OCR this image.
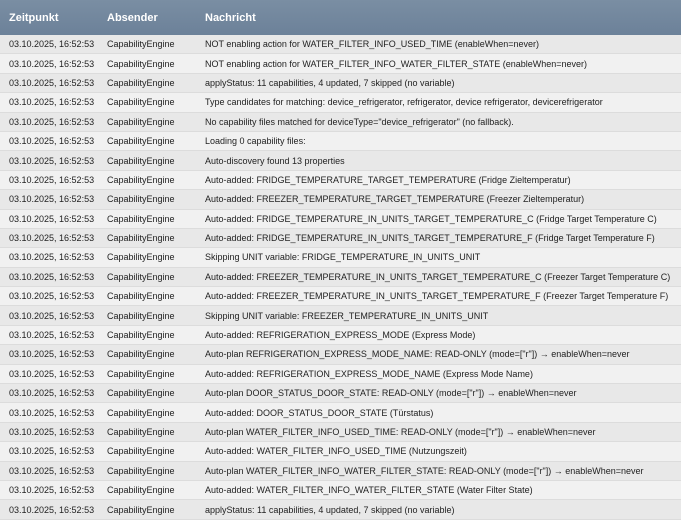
Zeitpunkt	Absender	Nachricht
03.10.2025, 16:52:53	CapabilityEngine	NOT enabling action for WATER_FILTER_INFO_USED_TIME (enableWhen=never)
03.10.2025, 16:52:53	CapabilityEngine	NOT enabling action for WATER_FILTER_INFO_WATER_FILTER_STATE (enableWhen=never)
03.10.2025, 16:52:53	CapabilityEngine	applyStatus: 11 capabilities, 4 updated, 7 skipped (no variable)
03.10.2025, 16:52:53	CapabilityEngine	Type candidates for matching: device_refrigerator, refrigerator, device refrigerator, devicerefrigerator
03.10.2025, 16:52:53	CapabilityEngine	No capability files matched for deviceType="device_refrigerator" (no fallback).
03.10.2025, 16:52:53	CapabilityEngine	Loading 0 capability files:
03.10.2025, 16:52:53	CapabilityEngine	Auto-discovery found 13 properties
03.10.2025, 16:52:53	CapabilityEngine	Auto-added: FRIDGE_TEMPERATURE_TARGET_TEMPERATURE (Fridge Zieltemperatur)
03.10.2025, 16:52:53	CapabilityEngine	Auto-added: FREEZER_TEMPERATURE_TARGET_TEMPERATURE (Freezer Zieltemperatur)
03.10.2025, 16:52:53	CapabilityEngine	Auto-added: FRIDGE_TEMPERATURE_IN_UNITS_TARGET_TEMPERATURE_C (Fridge Target Temperature C)
03.10.2025, 16:52:53	CapabilityEngine	Auto-added: FRIDGE_TEMPERATURE_IN_UNITS_TARGET_TEMPERATURE_F (Fridge Target Temperature F)
03.10.2025, 16:52:53	CapabilityEngine	Skipping UNIT variable: FRIDGE_TEMPERATURE_IN_UNITS_UNIT
03.10.2025, 16:52:53	CapabilityEngine	Auto-added: FREEZER_TEMPERATURE_IN_UNITS_TARGET_TEMPERATURE_C (Freezer Target Temperature C)
03.10.2025, 16:52:53	CapabilityEngine	Auto-added: FREEZER_TEMPERATURE_IN_UNITS_TARGET_TEMPERATURE_F (Freezer Target Temperature F)
03.10.2025, 16:52:53	CapabilityEngine	Skipping UNIT variable: FREEZER_TEMPERATURE_IN_UNITS_UNIT
03.10.2025, 16:52:53	CapabilityEngine	Auto-added: REFRIGERATION_EXPRESS_MODE (Express Mode)
03.10.2025, 16:52:53	CapabilityEngine	Auto-plan REFRIGERATION_EXPRESS_MODE_NAME: READ-ONLY (mode=["r"]) → enableWhen=never
03.10.2025, 16:52:53	CapabilityEngine	Auto-added: REFRIGERATION_EXPRESS_MODE_NAME (Express Mode Name)
03.10.2025, 16:52:53	CapabilityEngine	Auto-plan DOOR_STATUS_DOOR_STATE: READ-ONLY (mode=["r"]) → enableWhen=never
03.10.2025, 16:52:53	CapabilityEngine	Auto-added: DOOR_STATUS_DOOR_STATE (Türstatus)
03.10.2025, 16:52:53	CapabilityEngine	Auto-plan WATER_FILTER_INFO_USED_TIME: READ-ONLY (mode=["r"]) → enableWhen=never
03.10.2025, 16:52:53	CapabilityEngine	Auto-added: WATER_FILTER_INFO_USED_TIME (Nutzungszeit)
03.10.2025, 16:52:53	CapabilityEngine	Auto-plan WATER_FILTER_INFO_WATER_FILTER_STATE: READ-ONLY (mode=["r"]) → enableWhen=never
03.10.2025, 16:52:53	CapabilityEngine	Auto-added: WATER_FILTER_INFO_WATER_FILTER_STATE (Water Filter State)
03.10.2025, 16:52:53	CapabilityEngine	applyStatus: 11 capabilities, 4 updated, 7 skipped (no variable)
